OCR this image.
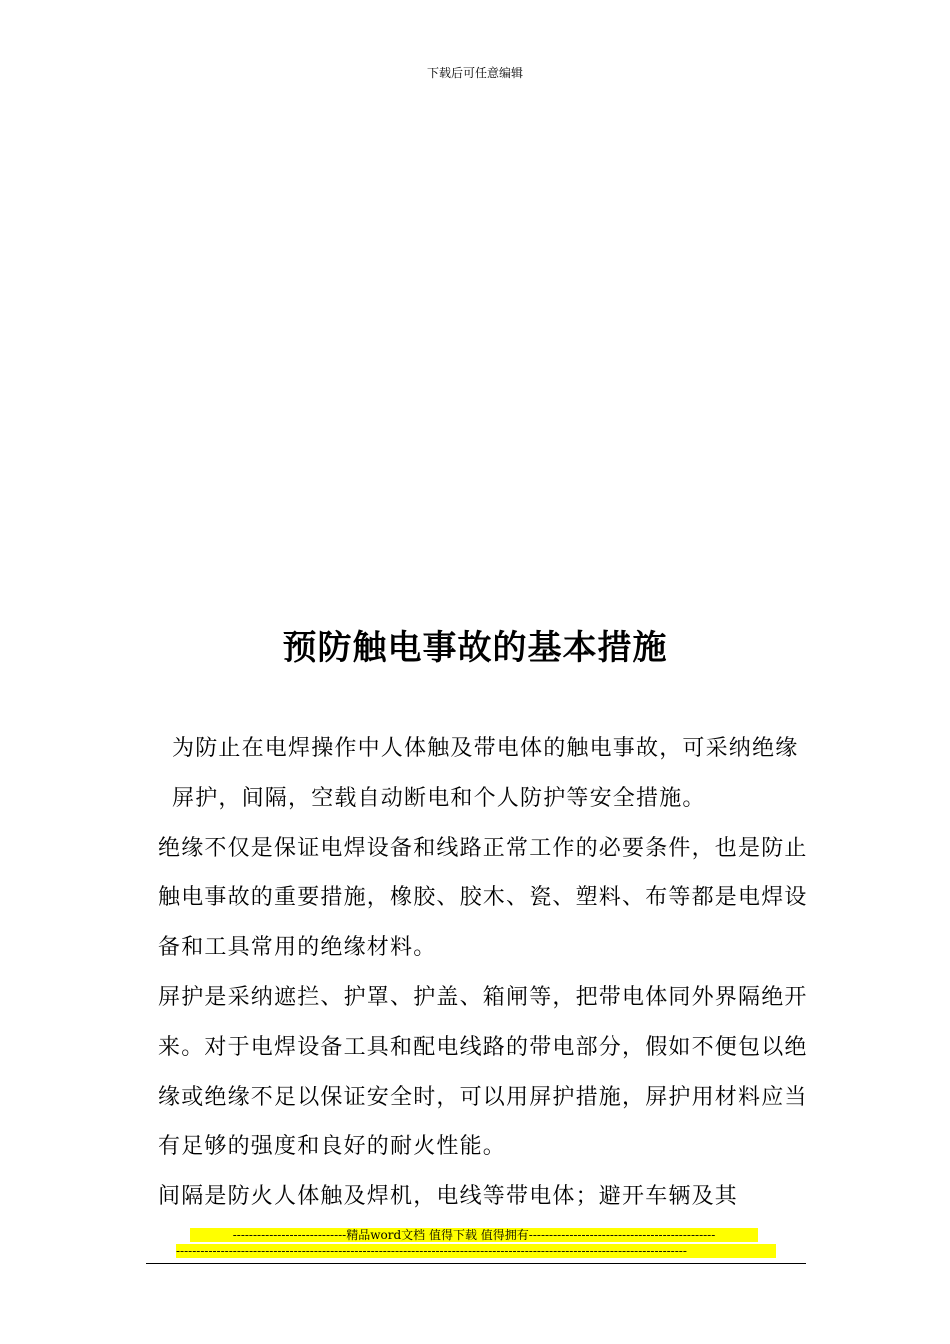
下载后可任意编辑
预防触电事故的基本措施

为防止在电焊操作中人体触及带电体的触电事故，可采纳绝缘屏护，间隔，空载自动断电和个人防护等安全措施。

绝缘不仅是保证电焊设备和线路正常工作的必要条件，也是防止触电事故的重要措施，橡胶、胶木、瓷、塑料、布等都是电焊设备和工具常用的绝缘材料。

屏护是采纳遮拦、护罩、护盖、箱闸等，把带电体同外界隔绝开来。对于电焊设备工具和配电线路的带电部分，假如不便包以绝缘或绝缘不足以保证安全时，可以用屏护措施，屏护用材料应当有足够的强度和良好的耐火性能。

间隔是防火人体触及焊机，电线等带电体；避开车辆及其

----------------------------精品word文档 值得下载 值得拥有----------------------------------------------
------------------------------------------------------------------------------------------------------------------------------
